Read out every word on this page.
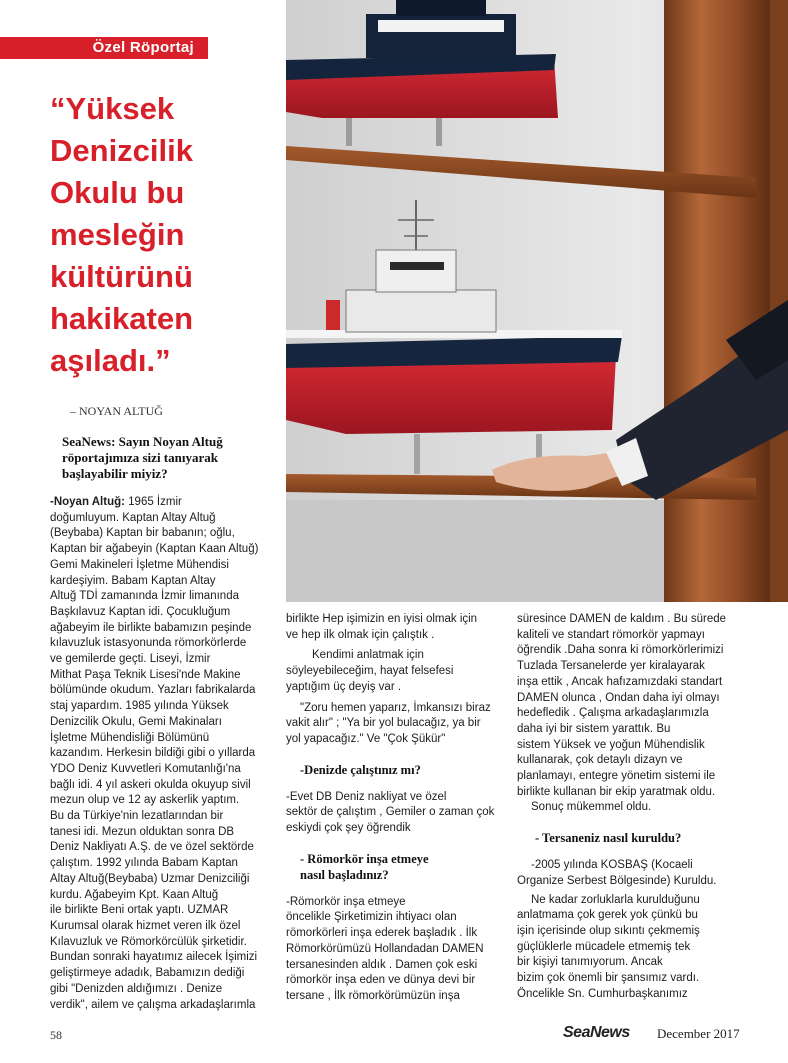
Özel Röportaj
“Yüksek
Denizcilik
Okulu bu
mesleğin
kültürünü
hakikaten
aşıladı.”
– NOYAN ALTUĞ
SeaNews: Sayın Noyan Altuğ
röportajımıza sizi tanıyarak
başlayabilir miyiz?

-Noyan Altuğ: 1965 İzmir

doğumluyum. Kaptan Altay Altuğ

(Beybaba) Kaptan bir babanın; oğlu,

Kaptan bir ağabeyin (Kaptan Kaan Altuğ)

Gemi Makineleri İşletme Mühendisi

kardeşiyim. Babam Kaptan Altay

Altuğ TDİ zamanında İzmir limanında

Başkılavuz Kaptan idi. Çocukluğum

ağabeyim ile birlikte babamızın peşinde

kılavuzluk istasyonunda römorkörlerde

ve gemilerde geçti. Liseyi, İzmir

Mithat Paşa Teknik Lisesi'nde Makine

bölümünde okudum. Yazları fabrikalarda

staj yapardım. 1985 yılında Yüksek

Denizcilik Okulu, Gemi Makinaları

İşletme Mühendisliği Bölümünü

kazandım. Herkesin bildiği gibi o yıllarda

YDO Deniz Kuvvetleri Komutanlığı'na

bağlı idi. 4 yıl askeri okulda okuyup sivil

mezun olup ve 12 ay askerlik yaptım.

Bu da Türkiye'nin lezatlarından bir

tanesi idi. Mezun olduktan sonra DB

Deniz Nakliyatı A.Ş. de ve özel sektörde

çalıştım. 1992 yılında Babam Kaptan

Altay Altuğ(Beybaba) Uzmar Denizciliği

kurdu. Ağabeyim Kpt. Kaan Altuğ

ile birlikte Beni ortak yaptı. UZMAR

Kurumsal olarak hizmet veren ilk özel

Kılavuzluk ve Römorkörcülük şirketidir.

Bundan sonraki hayatımız ailecek İşimizi

geliştirmeye adadık, Babamızın dediği

gibi "Denizden aldığımızı . Denize

verdik", ailem ve çalışma arkadaşlarımla

birlikte Hep işimizin en iyisi olmak için

ve hep ilk olmak için çalıştık .

Kendimi anlatmak için

söyleyebileceğim, hayat felsefesi

yaptığım üç deyiş var .

"Zoru hemen yaparız, İmkansızı biraz

vakit alır" ; "Ya bir yol bulacağız, ya bir

yol yapacağız." Ve "Çok Şükür"

-Denizde çalıştınız mı?

-Evet DB Deniz nakliyat ve özel

sektör de çalıştım , Gemiler o zaman çok

eskiydi çok şey öğrendik

- Römorkör inşa etmeye

nasıl başladınız?

-Römorkör inşa etmeye

öncelikle Şirketimizin ihtiyacı olan

römorkörleri inşa ederek başladık . İlk

Römorkörümüzü Hollandadan DAMEN

tersanesinden aldık . Damen çok eski

römorkör inşa eden ve dünya devi bir

tersane , İlk römorkörümüzün inşa

süresince DAMEN de kaldım . Bu sürede

kaliteli ve standart römorkör yapmayı

öğrendik .Daha sonra ki römorkörlerimizi

Tuzlada Tersanelerde yer kiralayarak

inşa ettik , Ancak hafızamızdaki standart

DAMEN olunca , Ondan daha iyi olmayı

hedefledik . Çalışma arkadaşlarımızla

daha iyi bir sistem yarattık. Bu

sistem Yüksek ve yoğun Mühendislik

kullanarak, çok detaylı dizayn ve

planlamayı, entegre yönetim sistemi ile

birlikte kullanan bir ekip yaratmak oldu.

Sonuç mükemmel oldu.

- Tersaneniz nasıl kuruldu?

-2005 yılında KOSBAŞ (Kocaeli

Organize Serbest Bölgesinde) Kuruldu.

Ne kadar zorluklarla kurulduğunu

anlatmama çok gerek yok çünkü bu

işin içerisinde olup sıkıntı çekmemiş

güçlüklerle mücadele etmemiş tek

bir kişiyi tanımıyorum. Ancak

bizim çok önemli bir şansımız vardı.

Öncelikle Sn. Cumhurbaşkanımız

58	SeaNews December 2017
